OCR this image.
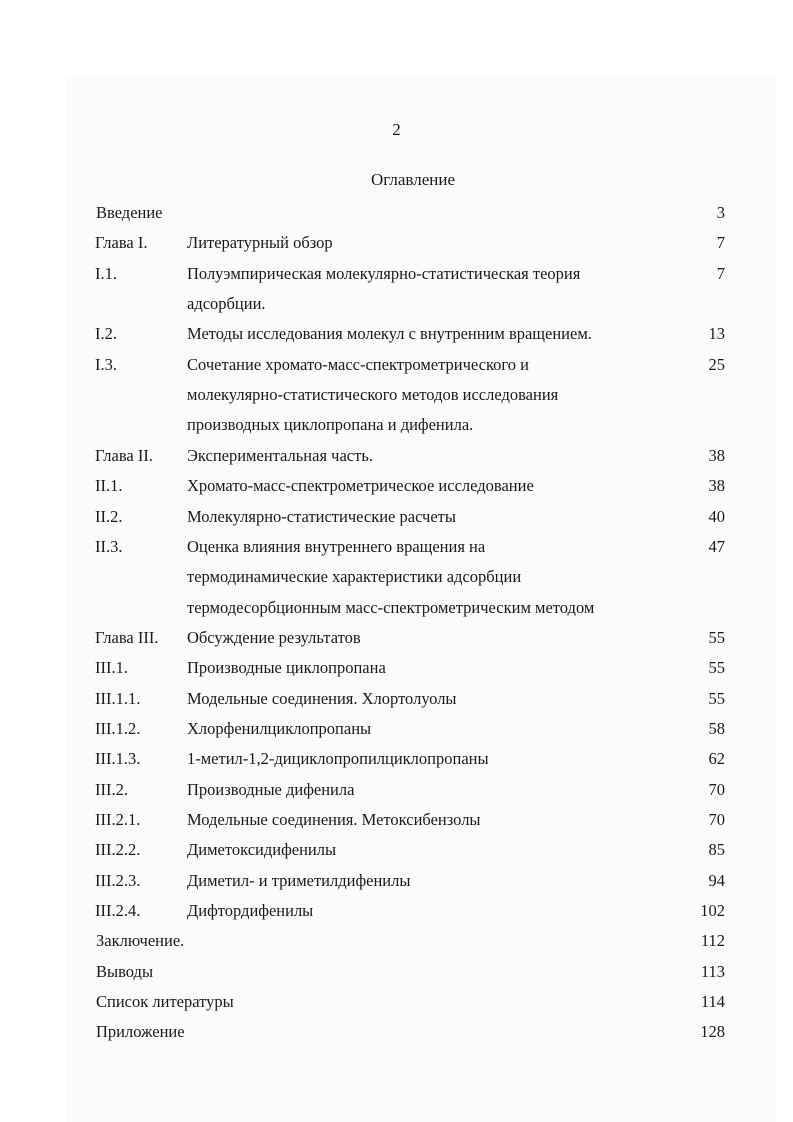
2
Оглавление
Введение	3
Глава I. Литературный обзор	7
I.1.	Полуэмпирическая молекулярно-статистическая теория	7
адсорбции.
I.2.	Методы исследования молекул с внутренним вращением.	13
I.3.	Сочетание хромато-масс-спектрометрического и	25
молекулярно-статистического методов исследования
производных циклопропана и дифенила.
Глава II. Экспериментальная часть.	38
II.1.	Хромато-масс-спектрометрическое исследование	38
II.2.	Молекулярно-статистические расчеты	40
II.3.	Оценка влияния внутреннего вращения на	47
термодинамические характеристики адсорбции
термодесорбционным масс-спектрометрическим методом
Глава III. Обсуждение результатов	55
III.1.	Производные циклопропана	55
III.1.1.	Модельные соединения. Хлортолуолы	55
III.1.2.	Хлорфенилциклопропаны	58
III.1.3.	1-метил-1,2-дициклопропилциклопропаны	62
III.2.	Производные дифенила	70
III.2.1.	Модельные соединения. Метоксибензолы	70
III.2.2.	Диметоксидифенилы	85
III.2.3.	Диметил- и триметилдифенилы	94
III.2.4.	Дифтордифенилы	102
Заключение.	112
Выводы	113
Список литературы	114
Приложение	128
